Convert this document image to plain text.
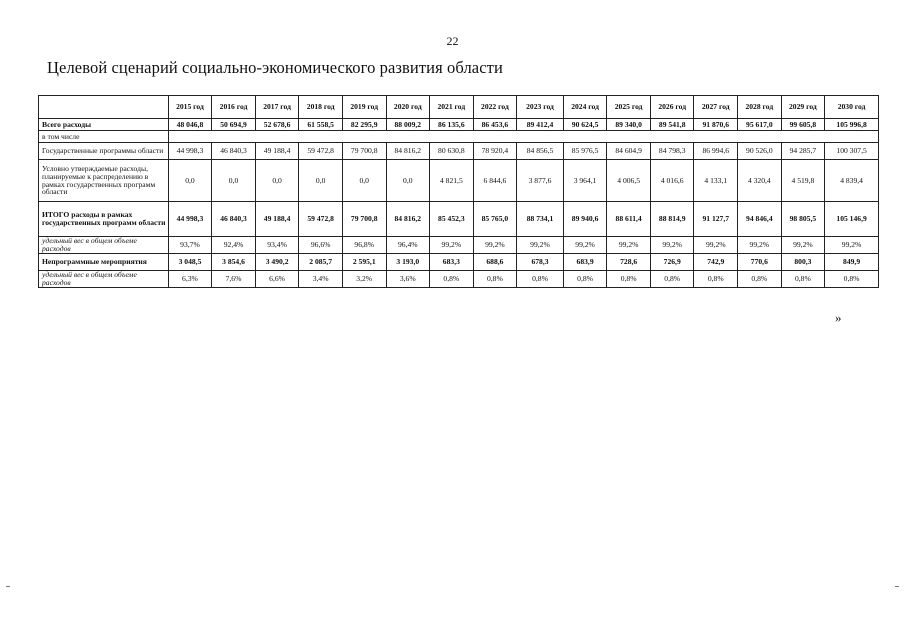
22
Целевой сценарий социально-экономического развития области
	2015 год	2016 год	2017 год	2018 год	2019 год	2020 год	2021 год	2022 год	2023 год	2024 год	2025 год	2026 год	2027 год	2028 год	2029 год	2030 год
Всего расходы	48 046,8	50 694,9	52 678,6	61 558,5	82 295,9	88 009,2	86 135,6	86 453,6	89 412,4	90 624,5	89 340,0	89 541,8	91 870,6	95 617,0	99 605,8	105 996,8
в том числе																
Государственные программы области	44 998,3	46 840,3	49 188,4	59 472,8	79 700,8	84 816,2	80 630,8	78 920,4	84 856,5	85 976,5	84 604,9	84 798,3	86 994,6	90 526,0	94 285,7	100 307,5
Условно утверждаемые расходы, планируемые к распределению в рамках государственных программ области	0,0	0,0	0,0	0,0	0,0	0,0	4 821,5	6 844,6	3 877,6	3 964,1	4 006,5	4 016,6	4 133,1	4 320,4	4 519,8	4 839,4
ИТОГО расходы в рамках государственных программ области	44 998,3	46 840,3	49 188,4	59 472,8	79 700,8	84 816,2	85 452,3	85 765,0	88 734,1	89 940,6	88 611,4	88 814,9	91 127,7	94 846,4	98 805,5	105 146,9
удельный вес в общем объеме расходов	93,7%	92,4%	93,4%	96,6%	96,8%	96,4%	99,2%	99,2%	99,2%	99,2%	99,2%	99,2%	99,2%	99,2%	99,2%	99,2%
Непрограммные мероприятия	3 048,5	3 854,6	3 490,2	2 085,7	2 595,1	3 193,0	683,3	688,6	678,3	683,9	728,6	726,9	742,9	770,6	800,3	849,9
удельный вес в общем объеме расходов	6,3%	7,6%	6,6%	3,4%	3,2%	3,6%	0,8%	0,8%	0,8%	0,8%	0,8%	0,8%	0,8%	0,8%	0,8%	0,8%
»
